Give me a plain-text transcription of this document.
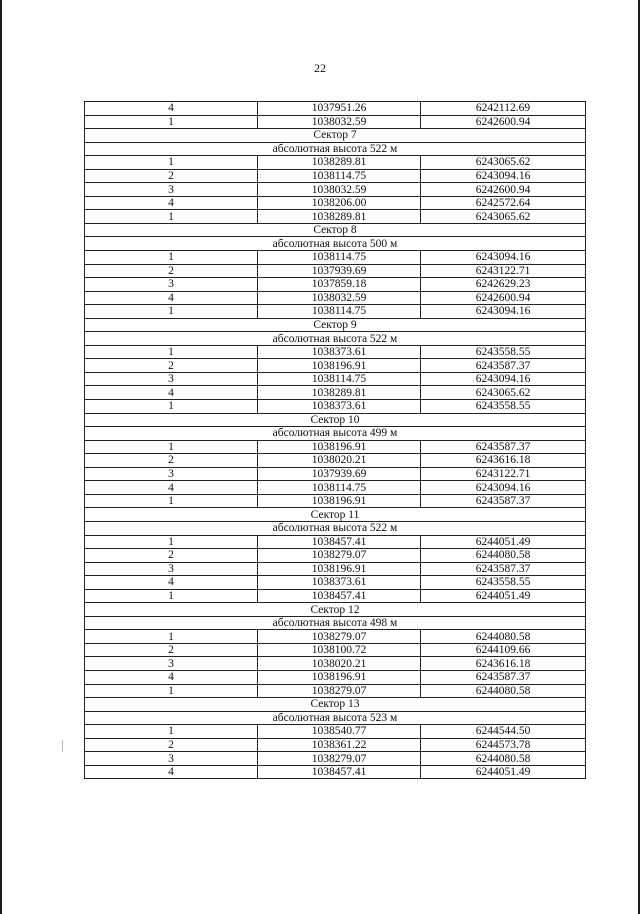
22
4	1037951.26	6242112.69
1	1038032.59	6242600.94
Сектор 7		
абсолютная высота 522 м		
1	1038289.81	6243065.62
2	1038114.75	6243094.16
3	1038032.59	6242600.94
4	1038206.00	6242572.64
1	1038289.81	6243065.62
Сектор 8		
абсолютная высота 500 м		
1	1038114.75	6243094.16
2	1037939.69	6243122.71
3	1037859.18	6242629.23
4	1038032.59	6242600.94
1	1038114.75	6243094.16
Сектор 9		
абсолютная высота 522 м		
1	1038373.61	6243558.55
2	1038196.91	6243587.37
3	1038114.75	6243094.16
4	1038289.81	6243065.62
1	1038373.61	6243558.55
Сектор 10		
абсолютная высота 499 м		
1	1038196.91	6243587.37
2	1038020.21	6243616.18
3	1037939.69	6243122.71
4	1038114.75	6243094.16
1	1038196.91	6243587.37
Сектор 11		
абсолютная высота 522 м		
1	1038457.41	6244051.49
2	1038279.07	6244080.58
3	1038196.91	6243587.37
4	1038373.61	6243558.55
1	1038457.41	6244051.49
Сектор 12		
абсолютная высота 498 м		
1	1038279.07	6244080.58
2	1038100.72	6244109.66
3	1038020.21	6243616.18
4	1038196.91	6243587.37
1	1038279.07	6244080.58
Сектор 13		
абсолютная высота 523 м		
1	1038540.77	6244544.50
2	1038361.22	6244573.78
3	1038279.07	6244080.58
4	1038457.41	6244051.49
